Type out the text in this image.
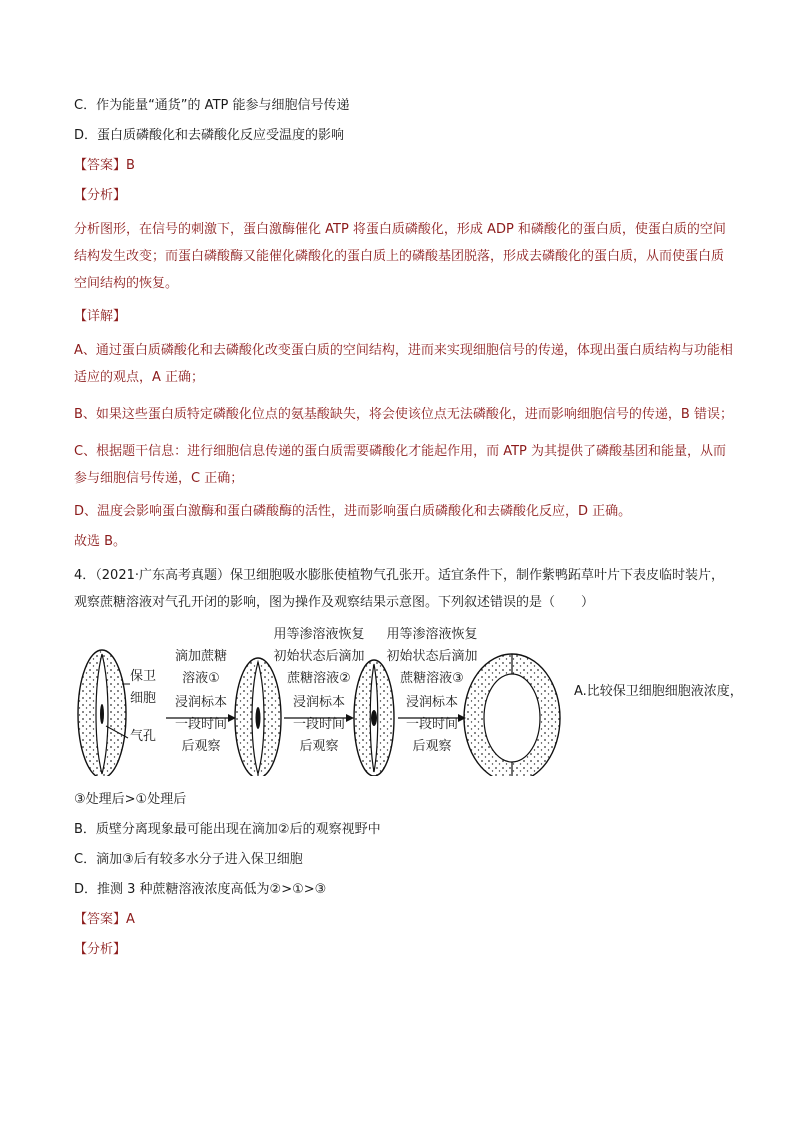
C．作为能量“通货”的 ATP 能参与细胞信号传递
D．蛋白质磷酸化和去磷酸化反应受温度的影响
【答案】B
【分析】
分析图形，在信号的刺激下，蛋白激酶催化 ATP 将蛋白质磷酸化，形成 ADP 和磷酸化的蛋白质，使蛋白质的空间结构发生改变；而蛋白磷酸酶又能催化磷酸化的蛋白质上的磷酸基团脱落，形成去磷酸化的蛋白质，从而使蛋白质空间结构的恢复。
【详解】
A、通过蛋白质磷酸化和去磷酸化改变蛋白质的空间结构，进而来实现细胞信号的传递，体现出蛋白质结构与功能相适应的观点，A 正确；
B、如果这些蛋白质特定磷酸化位点的氨基酸缺失，将会使该位点无法磷酸化，进而影响细胞信号的传递，B 错误；
C、根据题干信息：进行细胞信息传递的蛋白质需要磷酸化才能起作用，而 ATP 为其提供了磷酸基团和能量，从而参与细胞信号传递，C 正确；
D、温度会影响蛋白激酶和蛋白磷酸酶的活性，进而影响蛋白质磷酸化和去磷酸化反应，D 正确。
故选 B。
4．（2021·广东高考真题）保卫细胞吸水膨胀使植物气孔张开。适宜条件下，制作紫鸭跖草叶片下表皮临时装片，观察蔗糖溶液对气孔开闭的影响，图为操作及观察结果示意图。下列叙述错误的是（　　）
保卫
细胞
气孔
滴加蔗糖
溶液①
浸润标本
一段时间
后观察
用等渗溶液恢复
初始状态后滴加
蔗糖溶液②
浸润标本
一段时间
后观察
用等渗溶液恢复
初始状态后滴加
蔗糖溶液③
浸润标本
一段时间
后观察
A.比较保卫细胞细胞液浓度，
③处理后>①处理后
B．质壁分离现象最可能出现在滴加②后的观察视野中
C．滴加③后有较多水分子进入保卫细胞
D．推测 3 种蔗糖溶液浓度高低为②>①>③
【答案】A
【分析】
